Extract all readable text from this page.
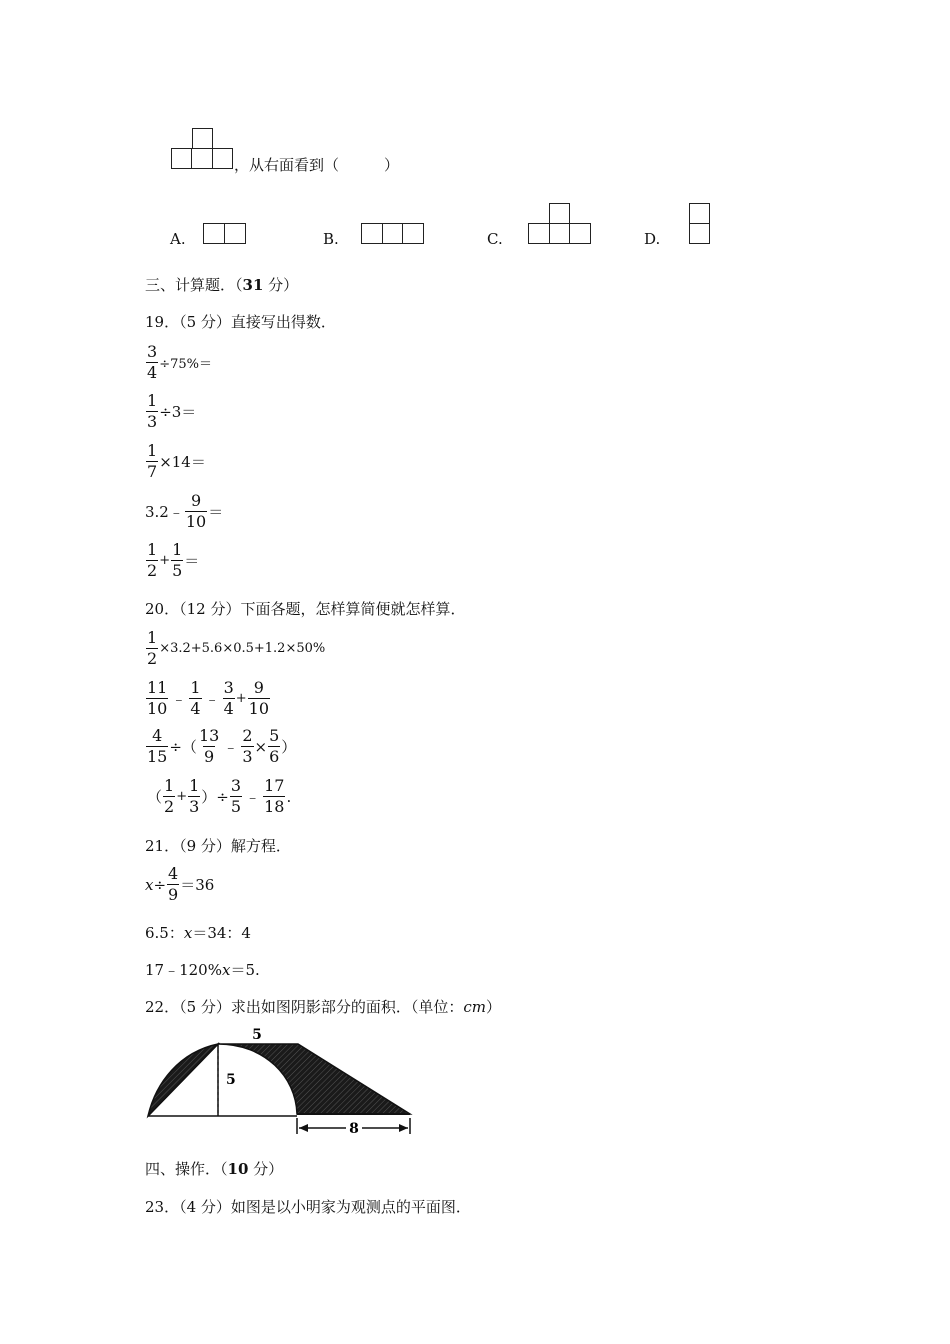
，从右面看到（　　　）
A.	B.	C.	D.
三、计算题．（ 31 分）
19．（5 分）直接写出得数．
$\frac{3}{4} \div 75\%=$
$\frac{1}{3} \div 3=$
$\frac{1}{7} \times 14=$
3.2﹣ $\frac{9}{10}$ ＝
$\frac{1}{2} + \frac{1}{5}$ ＝
20．（12 分）下面各题，怎样算简便就怎样算．
$\frac{1}{2} \times 3.2+5.6\times 0.5+1.2\times 50\%$
$\frac{11}{10}$ ﹣ $\frac{1}{4}$ ﹣ $\frac{3}{4} + \frac{9}{10}$
$\frac{4}{15}$ ÷（ $\frac{13}{9}$ ﹣ $\frac{2}{3} \times \frac{5}{6}$ ）
（ $\frac{1}{2} + \frac{1}{3}$ ）÷ $\frac{3}{5}$ ﹣ $\frac{17}{18}$ .
21．（9 分）解方程．
$x \div \frac{4}{9} =36$
6.5： x ＝34：4
17﹣120% x ＝5.
22．（5 分）求出如图阴影部分的面积．（单位： cm ）
5
5
8
四、操作．（ 10 分）
23．（4 分）如图是以小明家为观测点的平面图．
